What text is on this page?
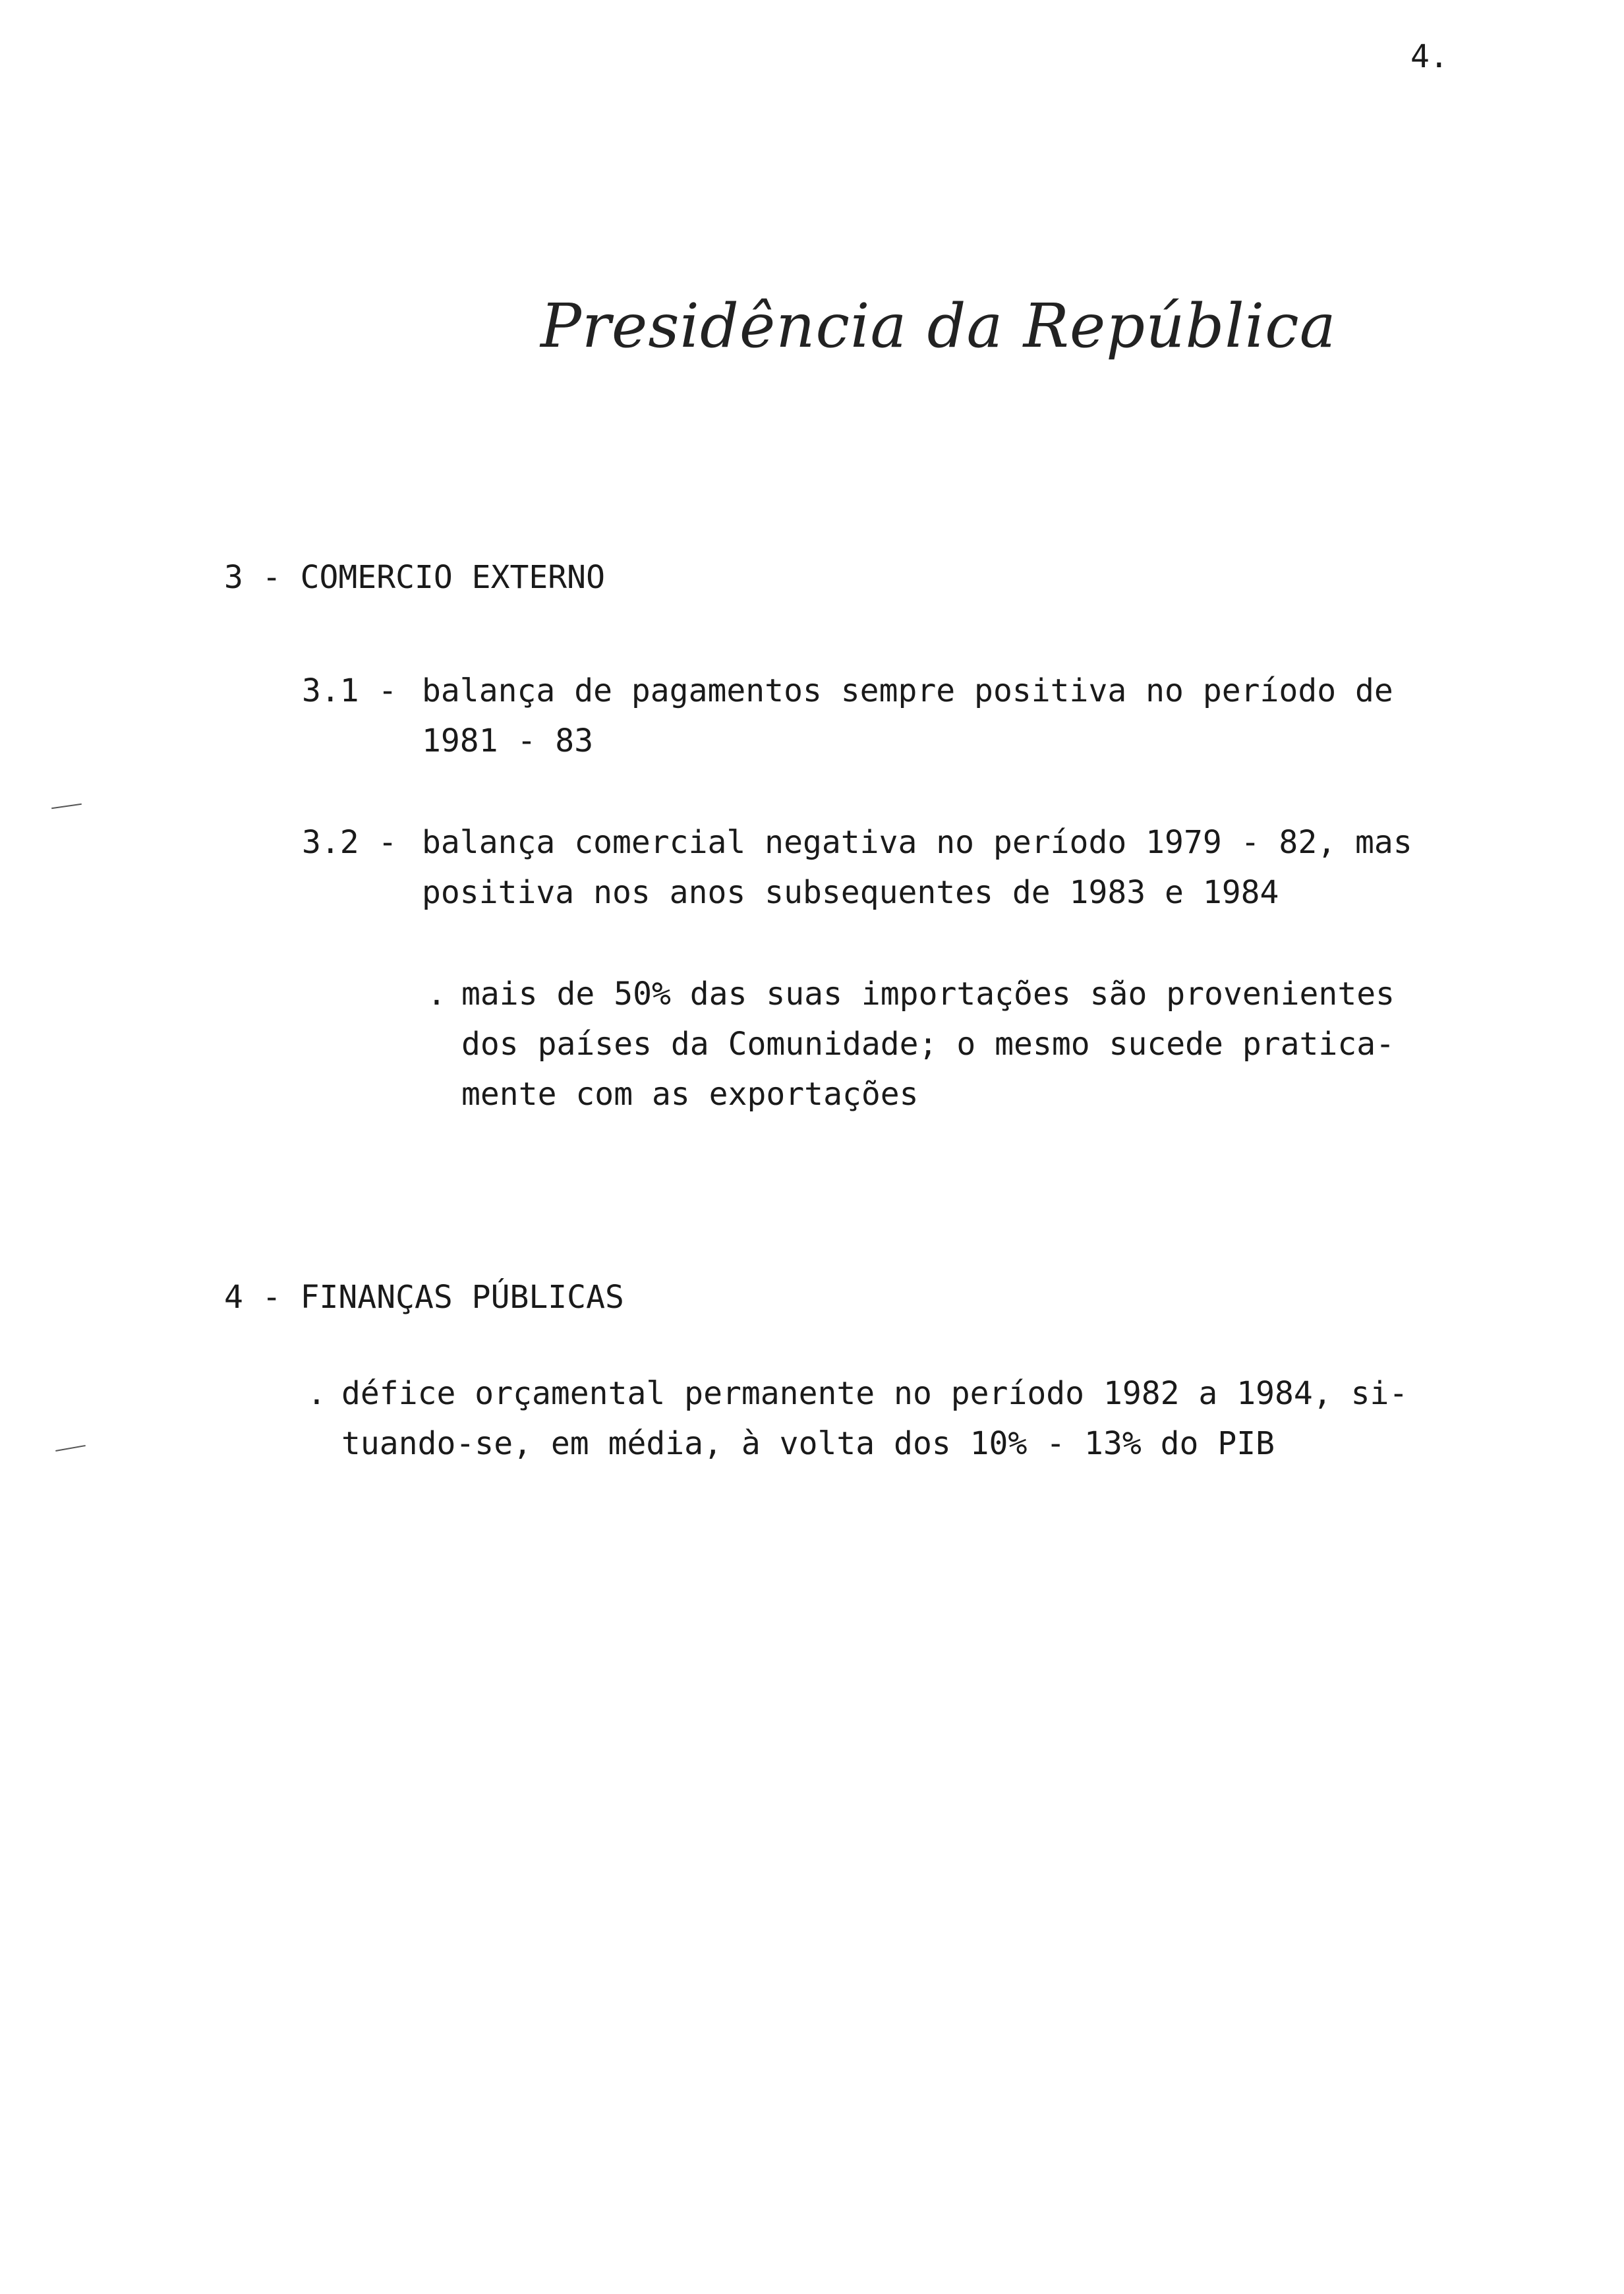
4.
Presidência da República
3 - COMERCIO EXTERNO
3.1 - balança de pagamentos sempre positiva no período de
1981 - 83
3.2 - balança comercial negativa no período 1979 - 82, mas
positiva nos anos subsequentes de 1983 e 1984
. mais de 50% das suas importações são provenientes
dos países da Comunidade; o mesmo sucede pratica-
mente com as exportações
4 - FINANÇAS PÚBLICAS
. défice orçamental permanente no período 1982 a 1984, si-
tuando-se, em média, à volta dos 10% - 13% do PIB
